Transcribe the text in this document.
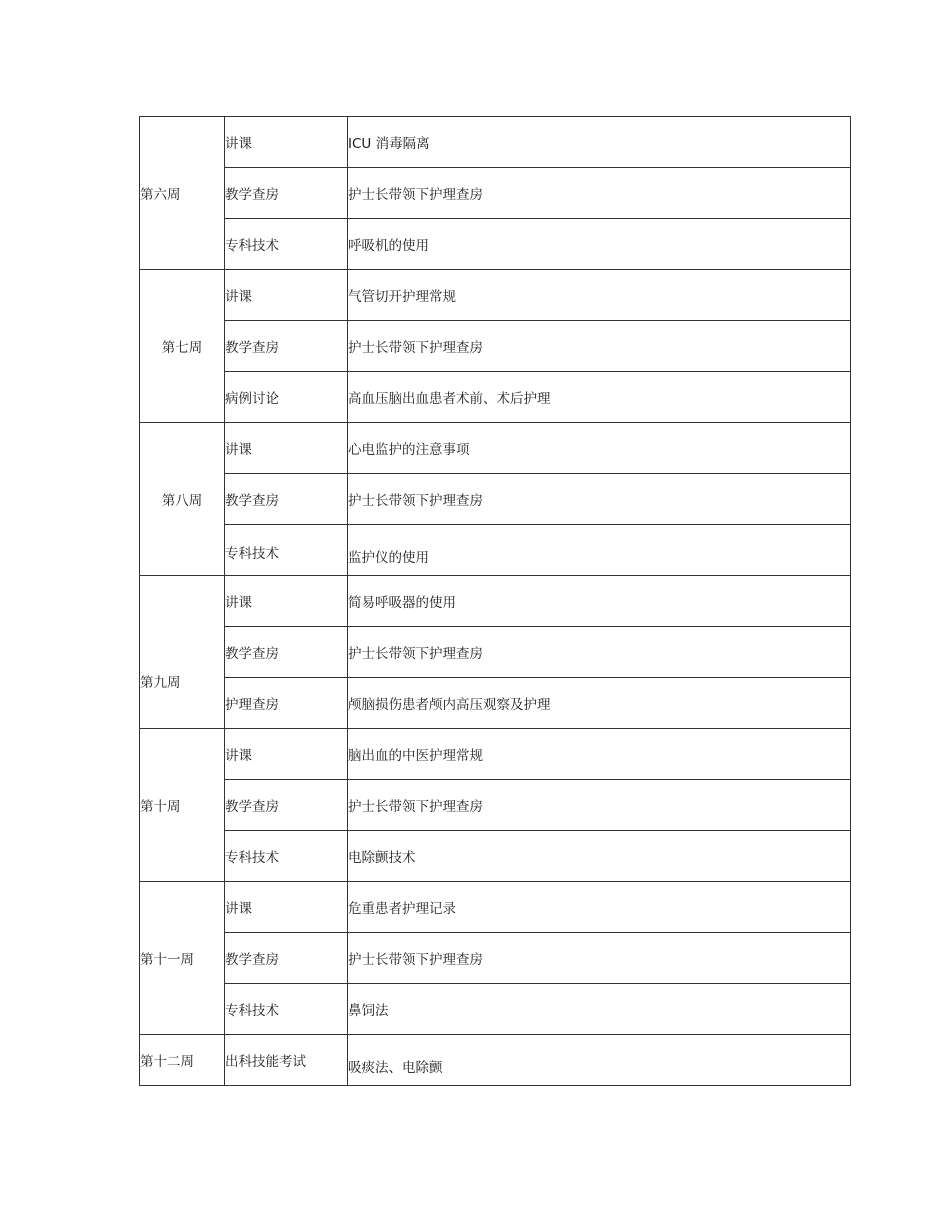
第六周	讲课	ICU 消毒隔离
	教学查房	护士长带领下护理查房
	专科技术	呼吸机的使用
第七周	讲课	气管切开护理常规
	教学查房	护士长带领下护理查房
	病例讨论	高血压脑出血患者术前、术后护理
第八周	讲课	心电监护的注意事项
	教学查房	护士长带领下护理查房
	专科技术	监护仪的使用
第九周	讲课	简易呼吸器的使用
	教学查房	护士长带领下护理查房
	护理查房	颅脑损伤患者颅内高压观察及护理
第十周	讲课	脑出血的中医护理常规
	教学查房	护士长带领下护理查房
	专科技术	电除颤技术
第十一周	讲课	危重患者护理记录
	教学查房	护士长带领下护理查房
	专科技术	鼻饲法
第十二周	出科技能考试	吸痰法、电除颤
